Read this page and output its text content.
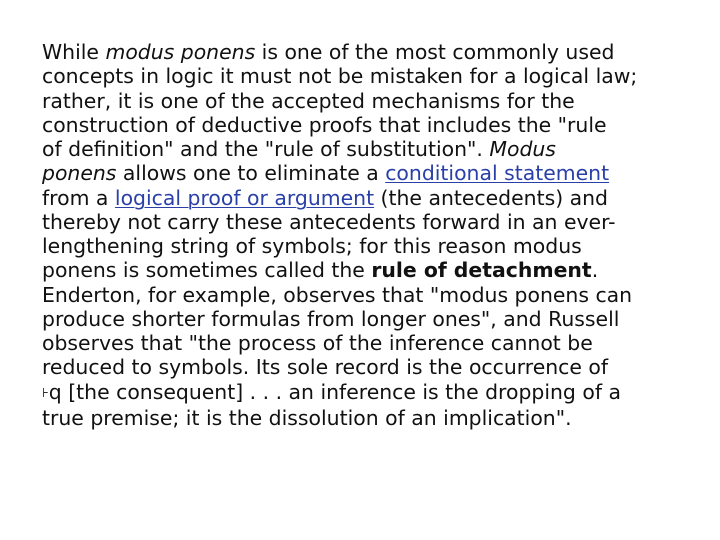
While modus ponens is one of the most commonly used
concepts in logic it must not be mistaken for a logical law;
rather, it is one of the accepted mechanisms for the
construction of deductive proofs that includes the "rule
of definition" and the "rule of substitution". Modus
ponens allows one to eliminate a conditional statement
from a logical proof or argument (the antecedents) and
thereby not carry these antecedents forward in an ever-
lengthening string of symbols; for this reason modus
ponens is sometimes called the rule of detachment.
Enderton, for example, observes that "modus ponens can
produce shorter formulas from longer ones", and Russell
observes that "the process of the inference cannot be
reduced to symbols. Its sole record is the occurrence of
⊦q [the consequent] . . . an inference is the dropping of a
true premise; it is the dissolution of an implication".
